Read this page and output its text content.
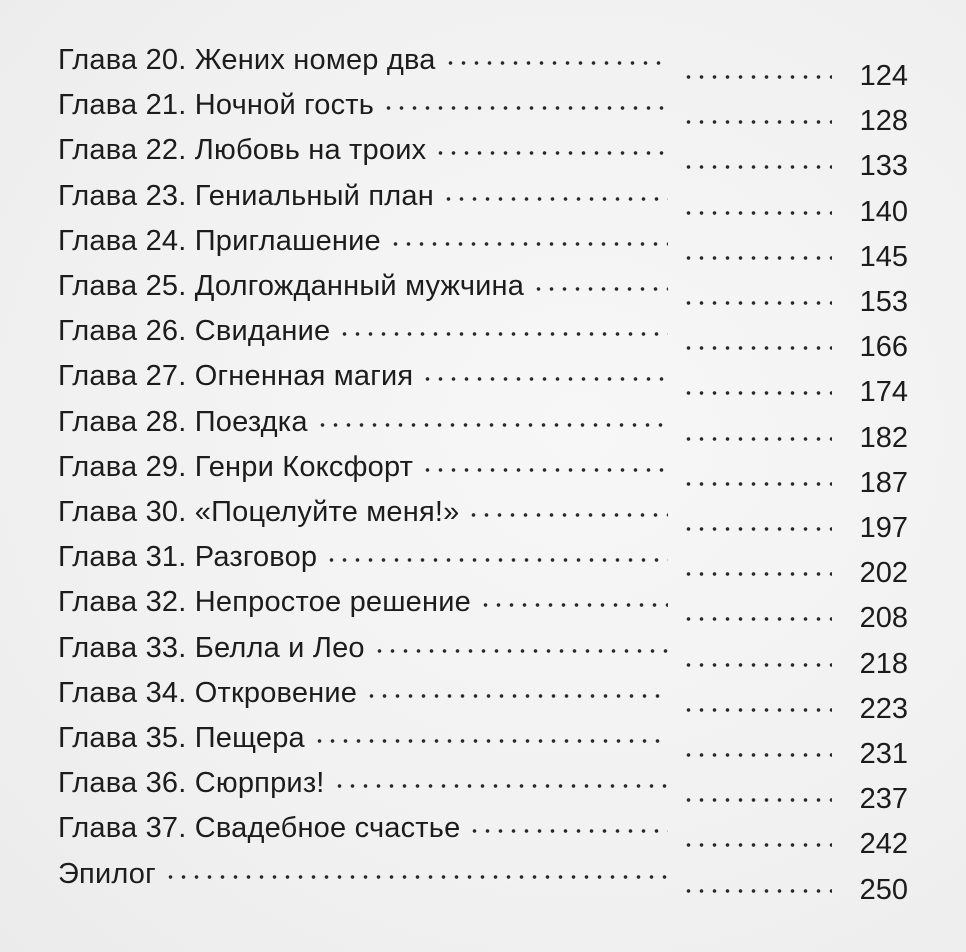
Глава 20. Жених номер два	124
Глава 21. Ночной гость	128
Глава 22. Любовь на троих	133
Глава 23. Гениальный план	140
Глава 24. Приглашение	145
Глава 25. Долгожданный мужчина	153
Глава 26. Свидание	166
Глава 27. Огненная магия	174
Глава 28. Поездка	182
Глава 29. Генри Коксфорт	187
Глава 30. «Поцелуйте меня!»	197
Глава 31. Разговор	202
Глава 32. Непростое решение	208
Глава 33. Белла и Лео	218
Глава 34. Откровение	223
Глава 35. Пещера	231
Глава 36. Сюрприз!	237
Глава 37. Свадебное счастье	242
Эпилог	250
